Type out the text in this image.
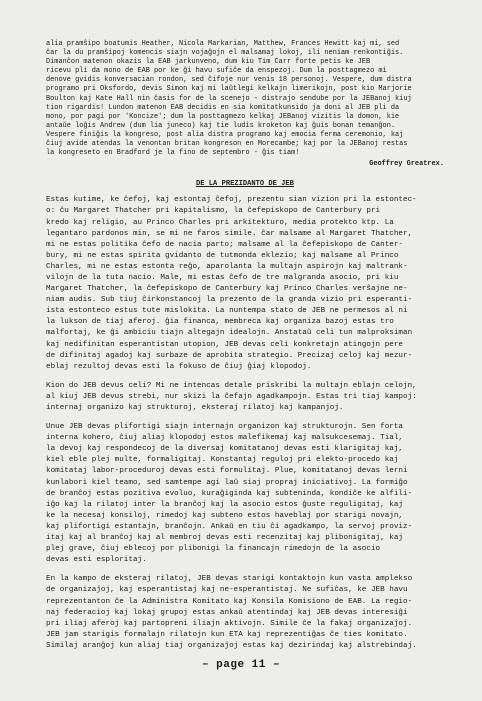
alia pramŝipo boatumis Heather, Nicola Markarian, Matthew, Frances Hewitt kaj mi, sed
ĉar la du pramŝipoj komencis siajn vojaĝojn el malsamaj lokoj, ili neniam renkontiĝis.

Dimanĉon matenon okazis la EAB jarkunveno, dum kiu Tim Carr forte petis ke JEB
ricevu pli da mono de EAB por ke ĝi havu sufiĉe da enspezoj. Dum la posttagmezo mi
denove gvidis konversacian rondon, sed ĉifoje nur venis 18 personoj. Vespere, dum distra
programo pri Oksfordo, devis Simon kaj mi laŭtlegi kelkajn limerikojn, post kio Marjorie
Boulton kaj Kate Hall nin ĉasis for de la scenejo - distrajo sendube por la JEBanoj kiuj
tion rigardis! Lundon matenon EAB decidis en sia komitatkunsido ja doni al JEB pli da
mono, por pagi por 'Koncize'; dum la posttagmezo kelkaj JEBanoj vizitis la domon, kie
antaŭe loĝis Andrew (dum lia juneco) kaj tie ludis kroketon kaj ĝuis bonan temanĝon.
Vespere finiĝis la kongreso, post alia distra programo kaj emocia ferma ceremonio, kaj
ĉiuj avide atendas la venontan britan kongreson en Morecambe; kaj por la JEBanoj restas
la kongreseto en Bradford je la fino de septembro - ĝis tiam!

Geoffrey Greatrex.

DE LA PREZIDANTO DE JEB

Estas kutime, ke ĉefoj, kaj estontaj ĉefoj, prezentu sian vizion pri la estontec-
o: ĉu Margaret Thatcher pri kapitalismo, la ĉefepiskopo de Canterbury pri
kredo kaj religio, au Princo Charles pri arkitekturo, media protekto ktp. La
legantaro pardonos min, se mi ne faros simile. ĉar malsame al Margaret Thatcher,
mi ne estas politika ĉefo de nacia parto; malsame al la ĉefepiskopo de Canter-
bury, mi ne estas spirita gvidanto de tutmonda eklezio; kaj malsame al Princo
Charles, mi ne estas estonta reĝo, aparolanta la multajn aspirojn kaj maltrank-
vilojn de la tuta nacio. Male, mi estas ĉefo de tre malgranda asocio, pri kiu
Margaret Thatcher, la ĉefepiskopo de Canterbury kaj Princo Charles verŝajne ne-
niam audis. Sub tiuj ĉirkonstancoj la prezento de la granda vizio pri esperanti-
ista estonteco estus tute mislokita. La nuntempa stato de JEB ne permesos al ni
la lukson de tiaj aferoj. ĝia financa, membreca kaj organiza bazoj estas tro
malfortaj, ke ĝi ambiciu tiajn altegajn idealojn. Anstataŭ celi tun malproksiman
kaj nedifinitan esperantistan utopion, JEB devas celi konkretajn atingojn pere
de difinitaj agadoj kaj surbaze de aprobita strategio. Precizaj celoj kaj mezur-
eblaj rezultoj devas esti la fokuso de ĉiuj ĝiaj klopodoj.

Kion do JEB devus celi? Mi ne intencas detale priskribi la multajn eblajn celojn,
al kiuj JEB devus strebi, nur skizi la ĉefajn agadkampojn. Estas tri tiaj kampoj:
internaj organizo kaj strukturoj, eksteraj rilatoj kaj kampanjoj.

Unue JEB devas plifortigi siajn internajn organizon kaj strukturojn. Sen forta
interna kohero, ĉiuj aliaj klopodoj estos malefikemaj kaj malsukcesemaj. Tial,
la devoj kaj respondecoj de la diversaj komitatanoj devas esti klarigitaj kaj,
kiel eble plej multe, formaligitaj. Konstantaj reguloj pri elekto-procedo kaj
komitataj labor-proceduroj devas esti formulitaj. Plue, komitatanoj devas lerni
kunlabori kiel teamo, sed samtempe agi laŭ siaj propraj iniciativoj. La formiĝo
de branĉoj estas pozitiva evoluo, kuraĝiginda kaj subteninda, kondiĉe ke alfili-
iĝo kaj la rilatoj inter la branĉoj kaj la asocio estos ĝuste reguligitaj, kaj
ke la necesaj konsiloj, rimedoj kaj subteno estos haveblaj por starigi novajn,
kaj plifortigi estantajn, branĉojn. Ankaŭ en tiu ĉi agadkampo, la servoj proviz-
itaj kaj al branĉoj kaj al membroj devas esti recenzitaj kaj plibonigitaj, kaj
plej grave, ĉiuj eblecoj por plibonigi la financajn rimedojn de la asocio
devas esti esploritaj.

En la kampo de eksteraj rilatoj, JEB devas starigi kontaktojn kun vasta amplekso
de organizaĵoj, kaj esperantistaj kaj ne-esperantistaj. Ne sufiĉas, ke JEB havu
reprezentanton ĉe la Administra Komitato kaj Konsila Komisiono de EAB. La regio-
naj federacioj kaj lokaj grupoj estas ankaŭ atentindaj kaj JEB devas interesiĝi
pri iliaj aferoj kaj partopreni iliajn aktivojn. Simile ĉe la fakaj organizaĵoj.
JEB jam starigis formalajn rilatojn kun ETA kaj reprezentiĝas ĉe ties komitato.
Similaj aranĝoj kun aliaj tiaj organizaĵoj estas kaj dezirindaj kaj alstrebindaj.

– page 11 –
